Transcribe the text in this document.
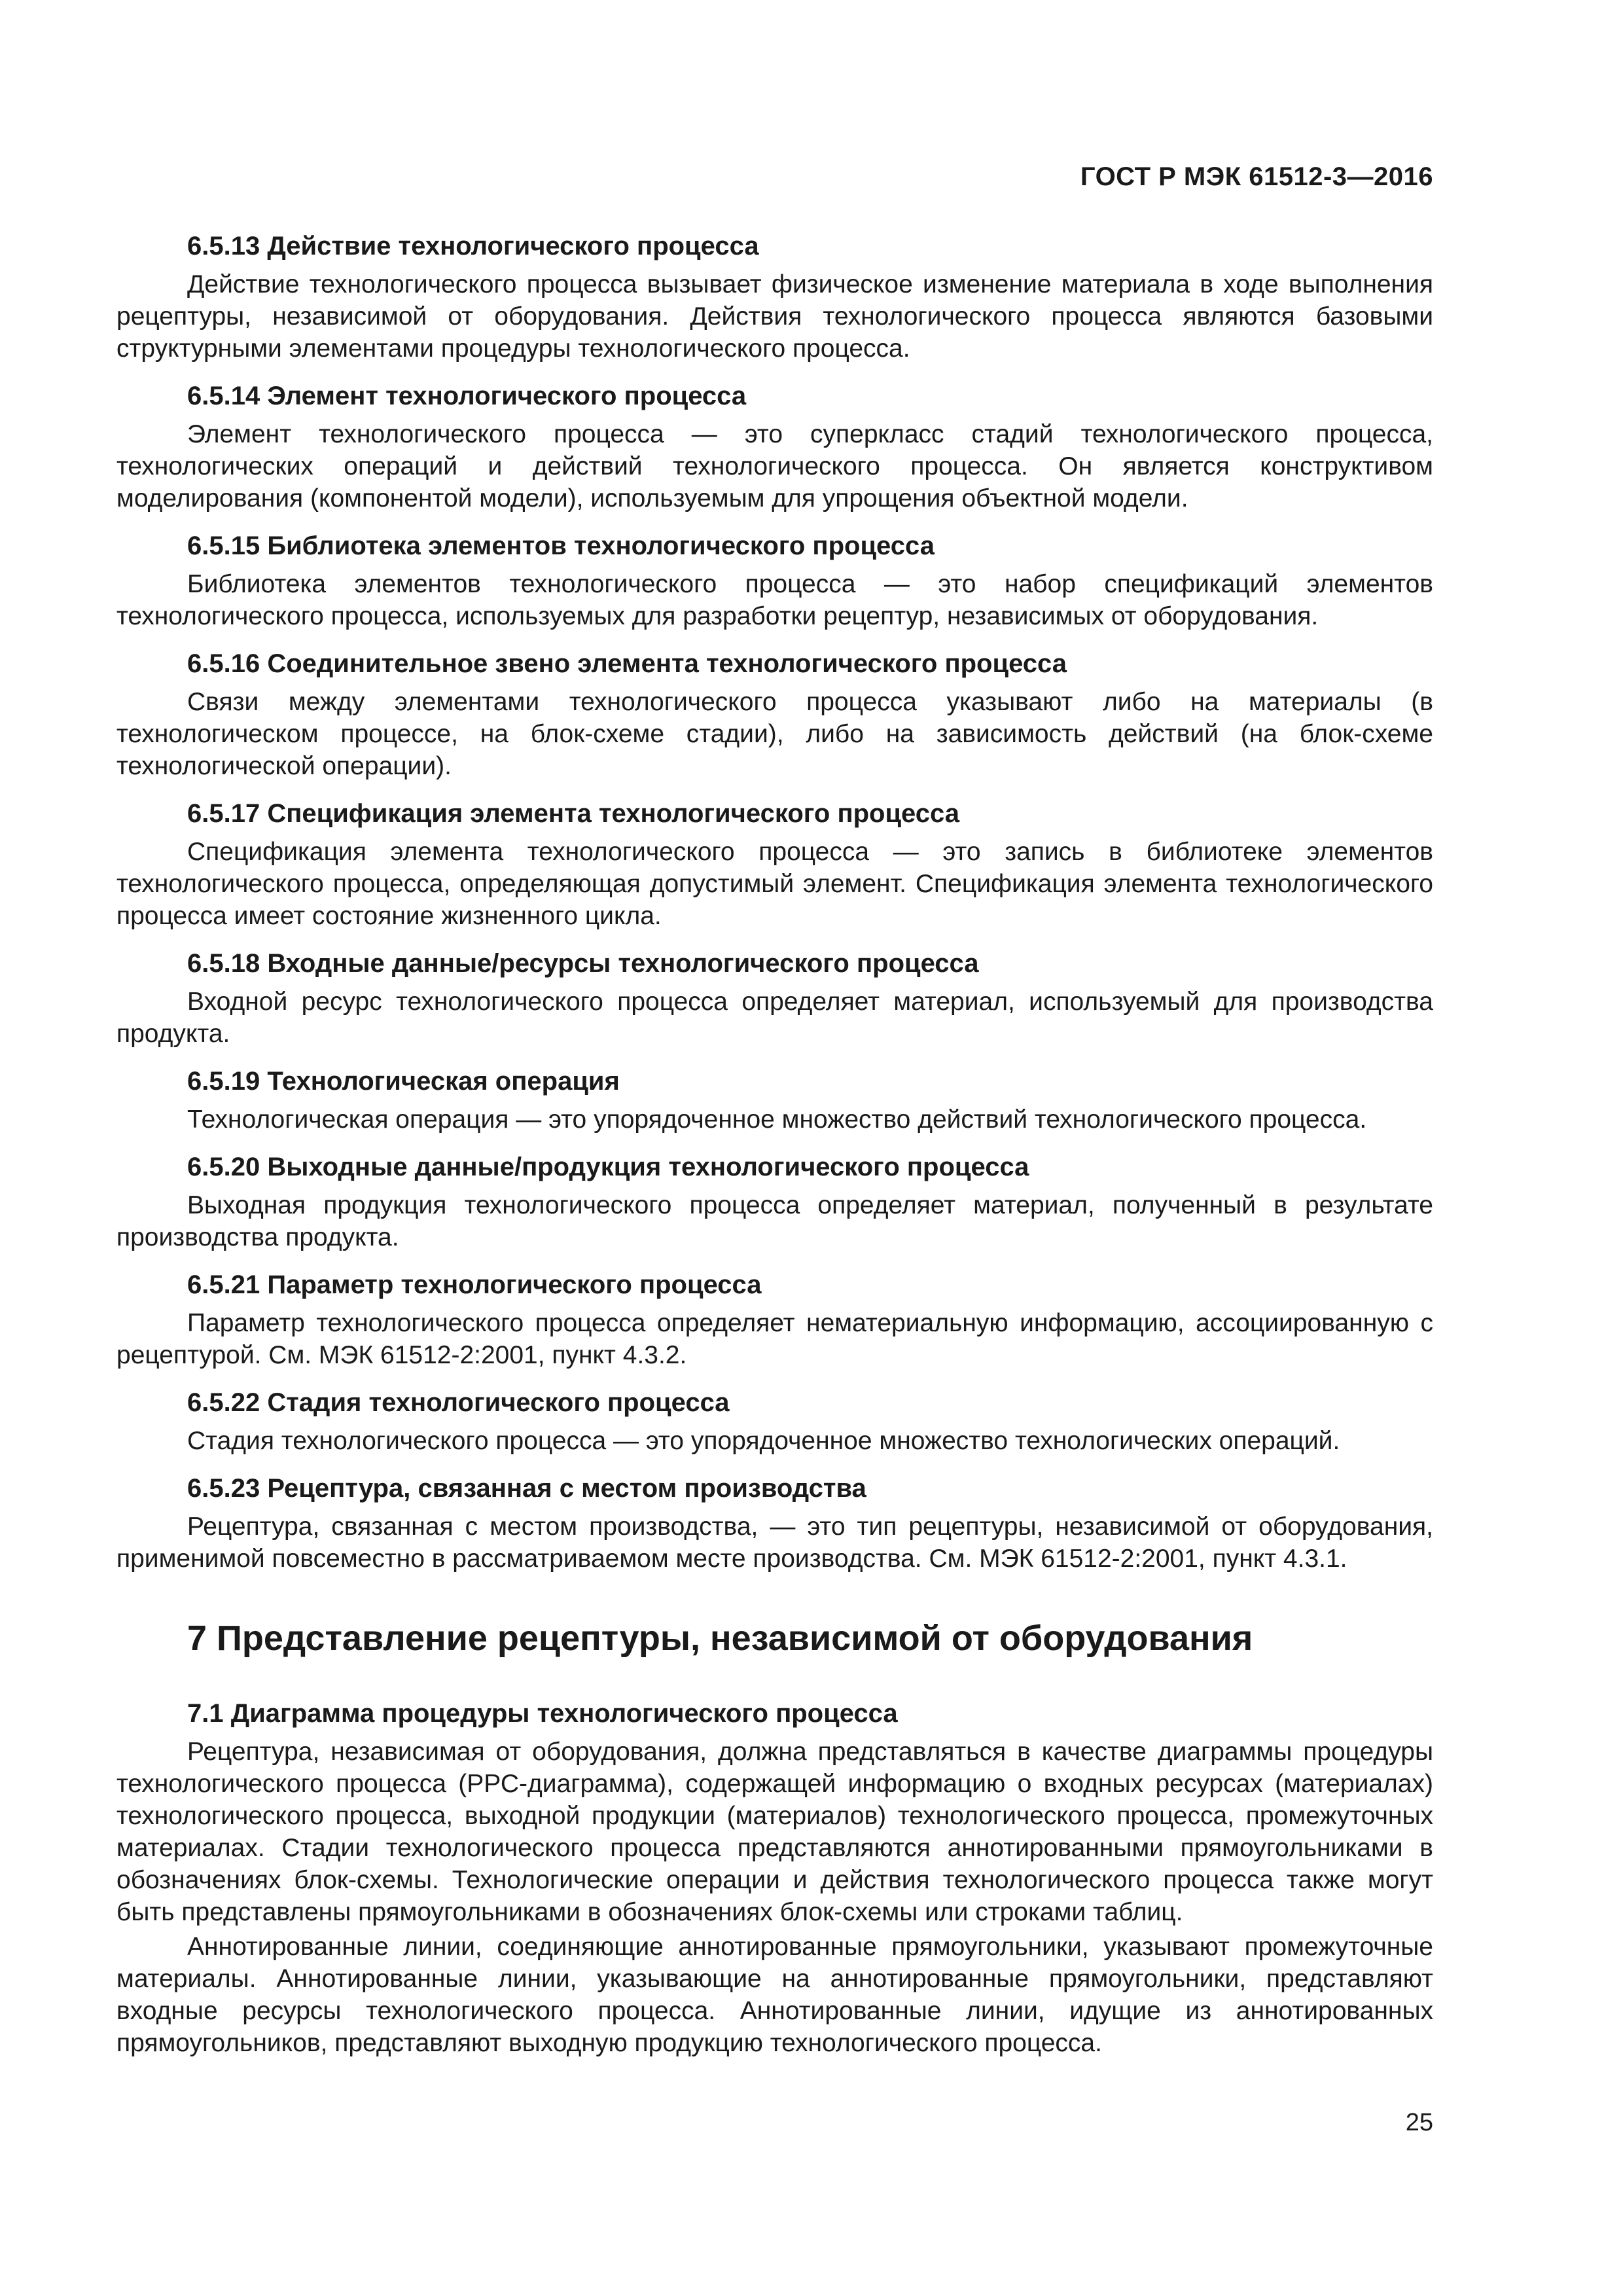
ГОСТ Р МЭК 61512-3—2016
6.5.13 Действие технологического процесса

Действие технологического процесса вызывает физическое изменение материала в ходе выполнения рецептуры, независимой от оборудования. Действия технологического процесса являются базовыми структурными элементами процедуры технологического процесса.

6.5.14 Элемент технологического процесса

Элемент технологического процесса — это суперкласс стадий технологического процесса, технологических операций и действий технологического процесса. Он является конструктивом моделирования (компонентой модели), используемым для упрощения объектной модели.

6.5.15 Библиотека элементов технологического процесса

Библиотека элементов технологического процесса — это набор спецификаций элементов технологического процесса, используемых для разработки рецептур, независимых от оборудования.

6.5.16 Соединительное звено элемента технологического процесса

Связи между элементами технологического процесса указывают либо на материалы (в технологическом процессе, на блок-схеме стадии), либо на зависимость действий (на блок-схеме технологической операции).

6.5.17 Спецификация элемента технологического процесса

Спецификация элемента технологического процесса — это запись в библиотеке элементов технологического процесса, определяющая допустимый элемент. Спецификация элемента технологического процесса имеет состояние жизненного цикла.

6.5.18 Входные данные/ресурсы технологического процесса

Входной ресурс технологического процесса определяет материал, используемый для производства продукта.

6.5.19 Технологическая операция

Технологическая операция — это упорядоченное множество действий технологического процесса.

6.5.20 Выходные данные/продукция технологического процесса

Выходная продукция технологического процесса определяет материал, полученный в результате производства продукта.

6.5.21 Параметр технологического процесса

Параметр технологического процесса определяет нематериальную информацию, ассоциированную с рецептурой. См. МЭК 61512-2:2001, пункт 4.3.2.

6.5.22 Стадия технологического процесса

Стадия технологического процесса — это упорядоченное множество технологических операций.

6.5.23 Рецептура, связанная с местом производства

Рецептура, связанная с местом производства, — это тип рецептуры, независимой от оборудования, применимой повсеместно в рассматриваемом месте производства. См. МЭК 61512-2:2001, пункт 4.3.1.

7 Представление рецептуры, независимой от оборудования
7.1 Диаграмма процедуры технологического процесса

Рецептура, независимая от оборудования, должна представляться в качестве диаграммы процедуры технологического процесса (РРС-диаграмма), содержащей информацию о входных ресурсах (материалах) технологического процесса, выходной продукции (материалов) технологического процесса, промежуточных материалах. Стадии технологического процесса представляются аннотированными прямоугольниками в обозначениях блок-схемы. Технологические операции и действия технологического процесса также могут быть представлены прямоугольниками в обозначениях блок-схемы или строками таблиц.

Аннотированные линии, соединяющие аннотированные прямоугольники, указывают промежуточные материалы. Аннотированные линии, указывающие на аннотированные прямоугольники, представляют входные ресурсы технологического процесса. Аннотированные линии, идущие из аннотированных прямоугольников, представляют выходную продукцию технологического процесса.

25
